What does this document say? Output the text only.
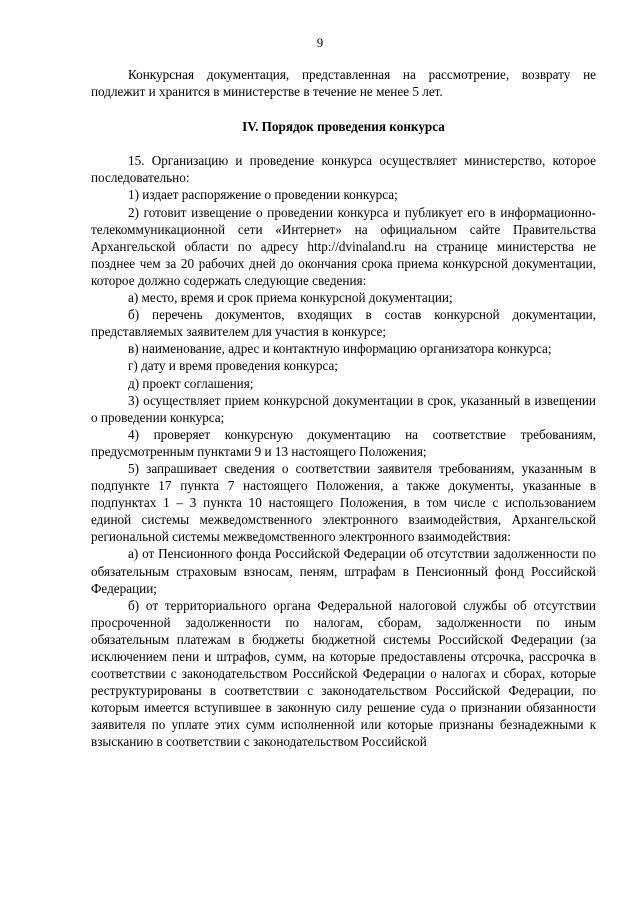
9

Конкурсная документация, представленная на рассмотрение, возврату не подлежит и хранится в министерстве в течение не менее 5 лет.

IV. Порядок проведения конкурса

15. Организацию и проведение конкурса осуществляет министерство, которое последовательно:

1) издает распоряжение о проведении конкурса;

2) готовит извещение о проведении конкурса и публикует его в информационно-телекоммуникационной сети «Интернет» на официальном сайте Правительства Архангельской области по адресу http://dvinaland.ru на странице министерства не позднее чем за 20 рабочих дней до окончания срока приема конкурсной документации, которое должно содержать следующие сведения:

а) место, время и срок приема конкурсной документации;

б) перечень документов, входящих в состав конкурсной документации, представляемых заявителем для участия в конкурсе;

в) наименование, адрес и контактную информацию организатора конкурса;

г) дату и время проведения конкурса;

д) проект соглашения;

3) осуществляет прием конкурсной документации в срок, указанный в извещении о проведении конкурса;

4) проверяет конкурсную документацию на соответствие требованиям, предусмотренным пунктами 9 и 13 настоящего Положения;

5) запрашивает сведения о соответствии заявителя требованиям, указанным в подпункте 17 пункта 7 настоящего Положения, а также документы, указанные в подпунктах 1 – 3 пункта 10 настоящего Положения, в том числе с использованием единой системы межведомственного электронного взаимодействия, Архангельской региональной системы межведомственного электронного взаимодействия:

а) от Пенсионного фонда Российской Федерации об отсутствии задолженности по обязательным страховым взносам, пеням, штрафам в Пенсионный фонд Российской Федерации;

б) от территориального органа Федеральной налоговой службы об отсутствии просроченной задолженности по налогам, сборам, задолженности по иным обязательным платежам в бюджеты бюджетной системы Российской Федерации (за исключением пени и штрафов, сумм, на которые предоставлены отсрочка, рассрочка в соответствии с законодательством Российской Федерации о налогах и сборах, которые реструктурированы в соответствии с законодательством Российской Федерации, по которым имеется вступившее в законную силу решение суда о признании обязанности заявителя по уплате этих сумм исполненной или которые признаны безнадежными к взысканию в соответствии с законодательством Российской
